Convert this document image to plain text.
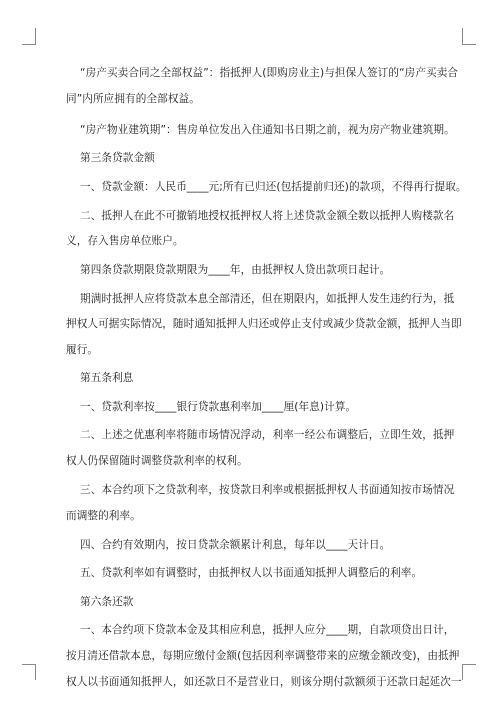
“房产买卖合同之全部权益”：指抵押人(即购房业主)与担保人签订的“房产买卖合
同”内所应拥有的全部权益。
“房产物业建筑期”：售房单位发出入住通知书日期之前，视为房产物业建筑期。
第三条贷款金额
一、贷款金额：人民币____元;所有已归还(包括提前归还)的款项，不得再行提取。
二、抵押人在此不可撤销地授权抵押权人将上述贷款金额全数以抵押人购楼款名
义，存入售房单位账户。
第四条贷款期限贷款期限为____年，由抵押权人贷出款项日起计。
期满时抵押人应将贷款本息全部清还，但在期限内，如抵押人发生违约行为，抵
押权人可据实际情况，随时通知抵押人归还或停止支付或减少贷款金额，抵押人当即
履行。
第五条利息
一、贷款利率按____银行贷款惠利率加____厘(年息)计算。
二、上述之优惠利率将随市场情况浮动，利率一经公布调整后，立即生效，抵押
权人仍保留随时调整贷款利率的权利。
三、本合约项下之贷款利率，按贷款日利率或根据抵押权人书面通知按市场情况
而调整的利率。
四、合约有效期内，按日贷款余额累计利息，每年以____天计日。
五、贷款利率如有调整时，由抵押权人以书面通知抵押人调整后的利率。
第六条还款
一、本合约项下贷款本金及其相应利息，抵押人应分____期，自款项贷出日计，
按月清还借款本息，每期应缴付金额(包括因利率调整带来的应缴金额改变)，由抵押
权人以书面通知抵押人，如还款日不是营业日，则该分期付款额须于还款日起延次一
